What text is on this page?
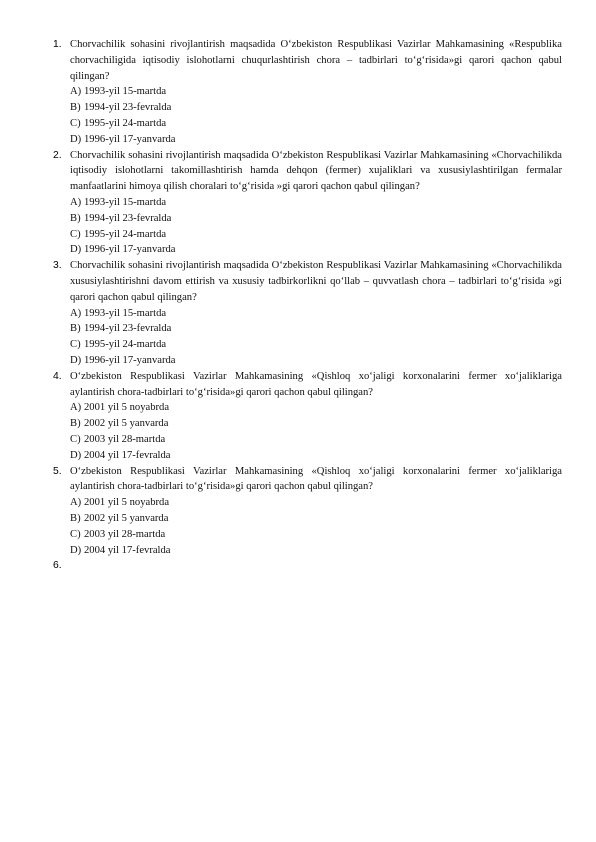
1. Chorvachilik sohasini rivojlantirish maqsadida O‘zbekiston Respublikasi Vazirlar Mahkamasining «Respublika chorvachiligida iqtisodiy islohotlarni chuqurlashtirish chora – tadbirlari to‘g‘risida»gi qarori qachon qabul qilingan?

A) 1993-yil 15-martda
B) 1994-yil 23-fevralda
C) 1995-yil 24-martda
D) 1996-yil 17-yanvarda
2. Chorvachilik sohasini rivojlantirish maqsadida O‘zbekiston Respublikasi Vazirlar Mahkamasining «Chorvachilikda iqtisodiy islohotlarni takomillashtirish hamda dehqon (fermer) xujaliklari va xususiylashtirilgan fermalar manfaatlarini himoya qilish choralari to‘g‘risida »gi qarori qachon qabul qilingan?

A) 1993-yil 15-martda
B) 1994-yil 23-fevralda
C) 1995-yil 24-martda
D) 1996-yil 17-yanvarda
3. Chorvachilik sohasini rivojlantirish maqsadida O‘zbekiston Respublikasi Vazirlar Mahkamasining «Chorvachilikda xususiylashtirishni davom ettirish va xususiy tadbirkorlikni qo‘llab – quvvatlash chora – tadbirlari to‘g‘risida »gi qarori qachon qabul qilingan?

A) 1993-yil 15-martda
B) 1994-yil 23-fevralda
C) 1995-yil 24-martda
D) 1996-yil 17-yanvarda
4. O‘zbekiston Respublikasi Vazirlar Mahkamasining «Qishloq xo‘jaligi korxonalarini fermer xo‘jaliklariga aylantirish chora-tadbirlari to‘g‘risida»gi qarori qachon qabul qilingan?

A) 2001 yil 5 noyabrda
B) 2002 yil 5 yanvarda
C) 2003 yil 28-martda
D) 2004 yil 17-fevralda
5. O‘zbekiston Respublikasi Vazirlar Mahkamasining «Qishloq xo‘jaligi korxonalarini fermer xo‘jaliklariga aylantirish chora-tadbirlari to‘g‘risida»gi qarori qachon qabul qilingan?

A) 2001 yil 5 noyabrda
B) 2002 yil 5 yanvarda
C) 2003 yil 28-martda
D) 2004 yil 17-fevralda
6.
